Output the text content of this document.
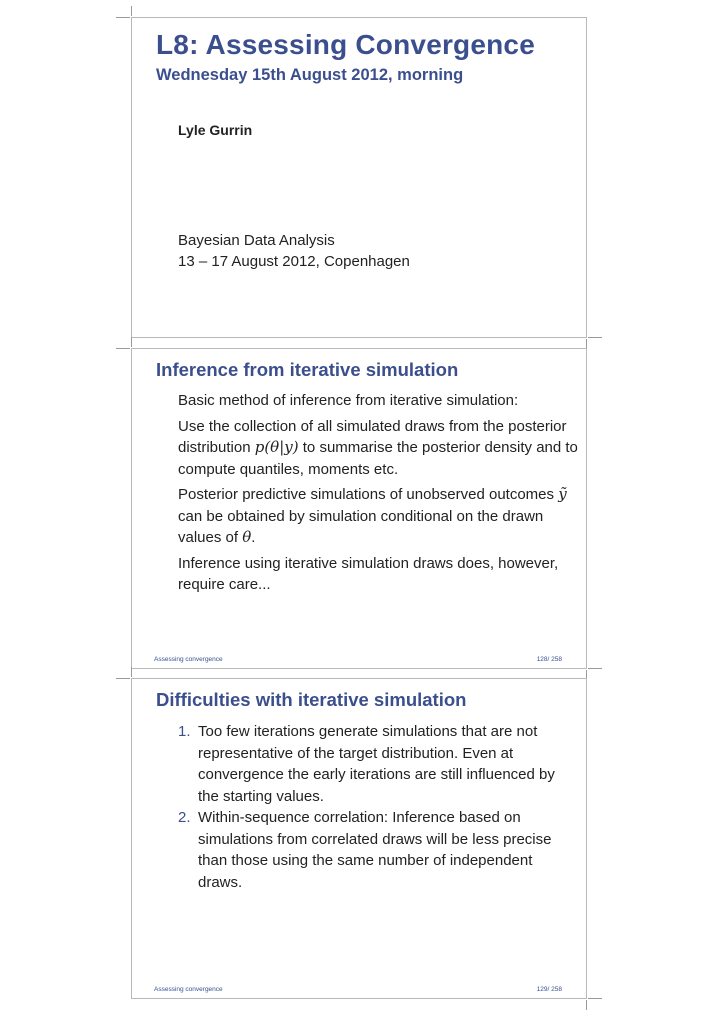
L8: Assessing Convergence
Wednesday 15th August 2012, morning
Lyle Gurrin
Bayesian Data Analysis
13 – 17 August 2012, Copenhagen
Inference from iterative simulation

Basic method of inference from iterative simulation:

Use the collection of all simulated draws from the posterior distribution p(θ|y) to summarise the posterior density and to compute quantiles, moments etc.

Posterior predictive simulations of unobserved outcomes ỹ can be obtained by simulation conditional on the drawn values of θ.

Inference using iterative simulation draws does, however, require care...

Assessing convergence	128/ 258
Difficulties with iterative simulation
1. Too few iterations generate simulations that are not representative of the target distribution. Even at convergence the early iterations are still influenced by the starting values.
2. Within-sequence correlation: Inference based on simulations from correlated draws will be less precise than those using the same number of independent draws.
Assessing convergence	129/ 258
